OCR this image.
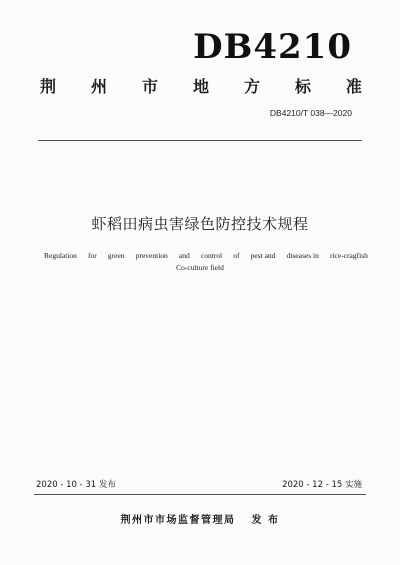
DB4210
荆 州 市 地 方 标 准
DB4210/T 038—2020
虾稻田病虫害绿色防控技术规程
Regulation for green prevention and control of pest and diseases in rice-cragfish
Co-culture field
2020 - 10 - 31 发布	2020 - 12 - 15 实施
荆州市市场监督管理局 发 布
